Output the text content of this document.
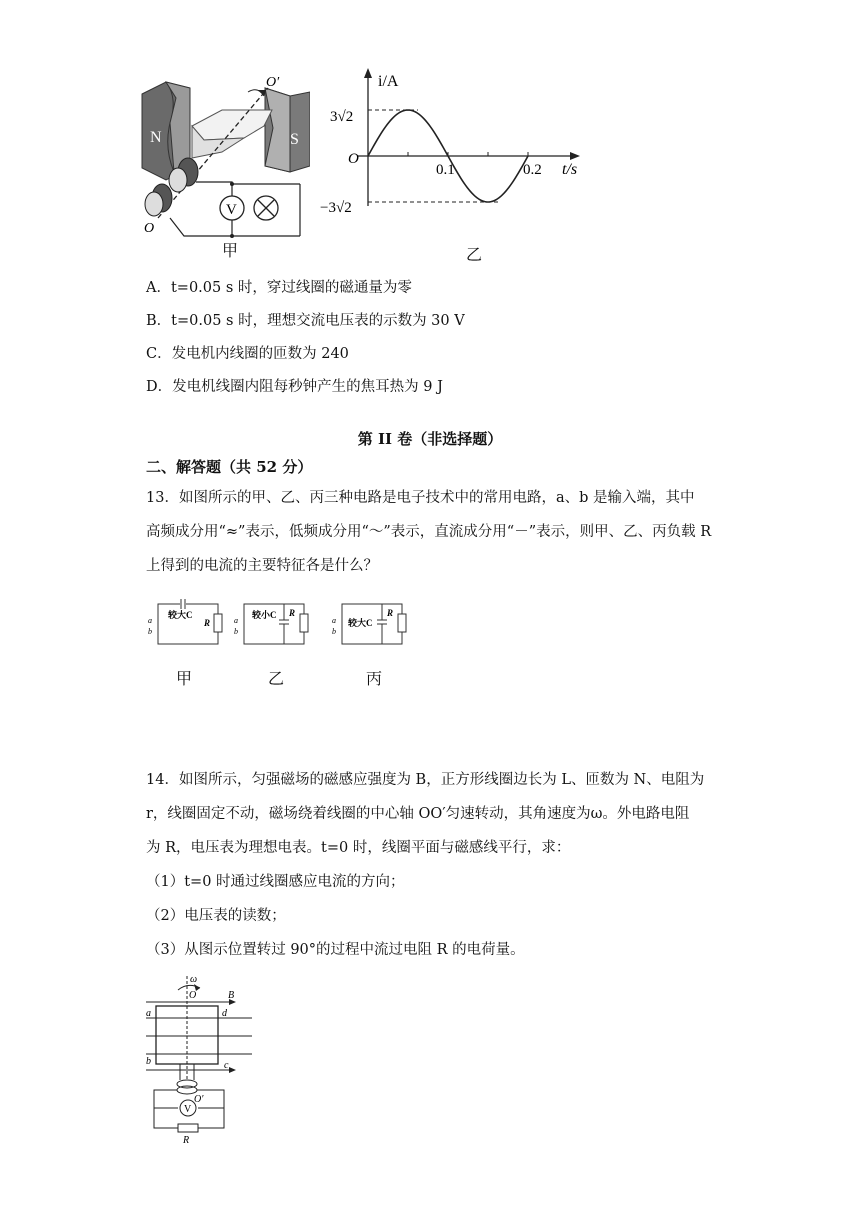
N	S
O′
V
O
甲
i/A
t/s
O
3√2
−3√2
0.1	0.2
乙
A．t=0.05 s 时，穿过线圈的磁通量为零
B．t=0.05 s 时，理想交流电压表的示数为 30 V
C．发电机内线圈的匝数为 240
D．发电机线圈内阻每秒钟产生的焦耳热为 9 J
第 II 卷（非选择题）
二、解答题（共 52 分）
13．如图所示的甲、乙、丙三种电路是电子技术中的常用电路，a、b 是输入端，其中
高频成分用“≈”表示，低频成分用“～”表示，直流成分用“－”表示，则甲、乙、丙负载 R
上得到的电流的主要特征各是什么？
较大C
R
a
b
甲
较小C R
a
b
乙
较大C
R
a
b
丙
14．如图所示，匀强磁场的磁感应强度为 B，正方形线圈边长为 L、匝数为 N、电阻为
r，线圈固定不动，磁场绕着线圈的中心轴 OO′匀速转动，其角速度为ω。外电路电阻
为 R，电压表为理想电表。t=0 时，线圈平面与磁感线平行，求：
（1）t=0 时通过线圈感应电流的方向；
（2）电压表的读数；
（3）从图示位置转过 90°的过程中流过电阻 R 的电荷量。
ω
O	B
a	d
b	c
O′
V
R
